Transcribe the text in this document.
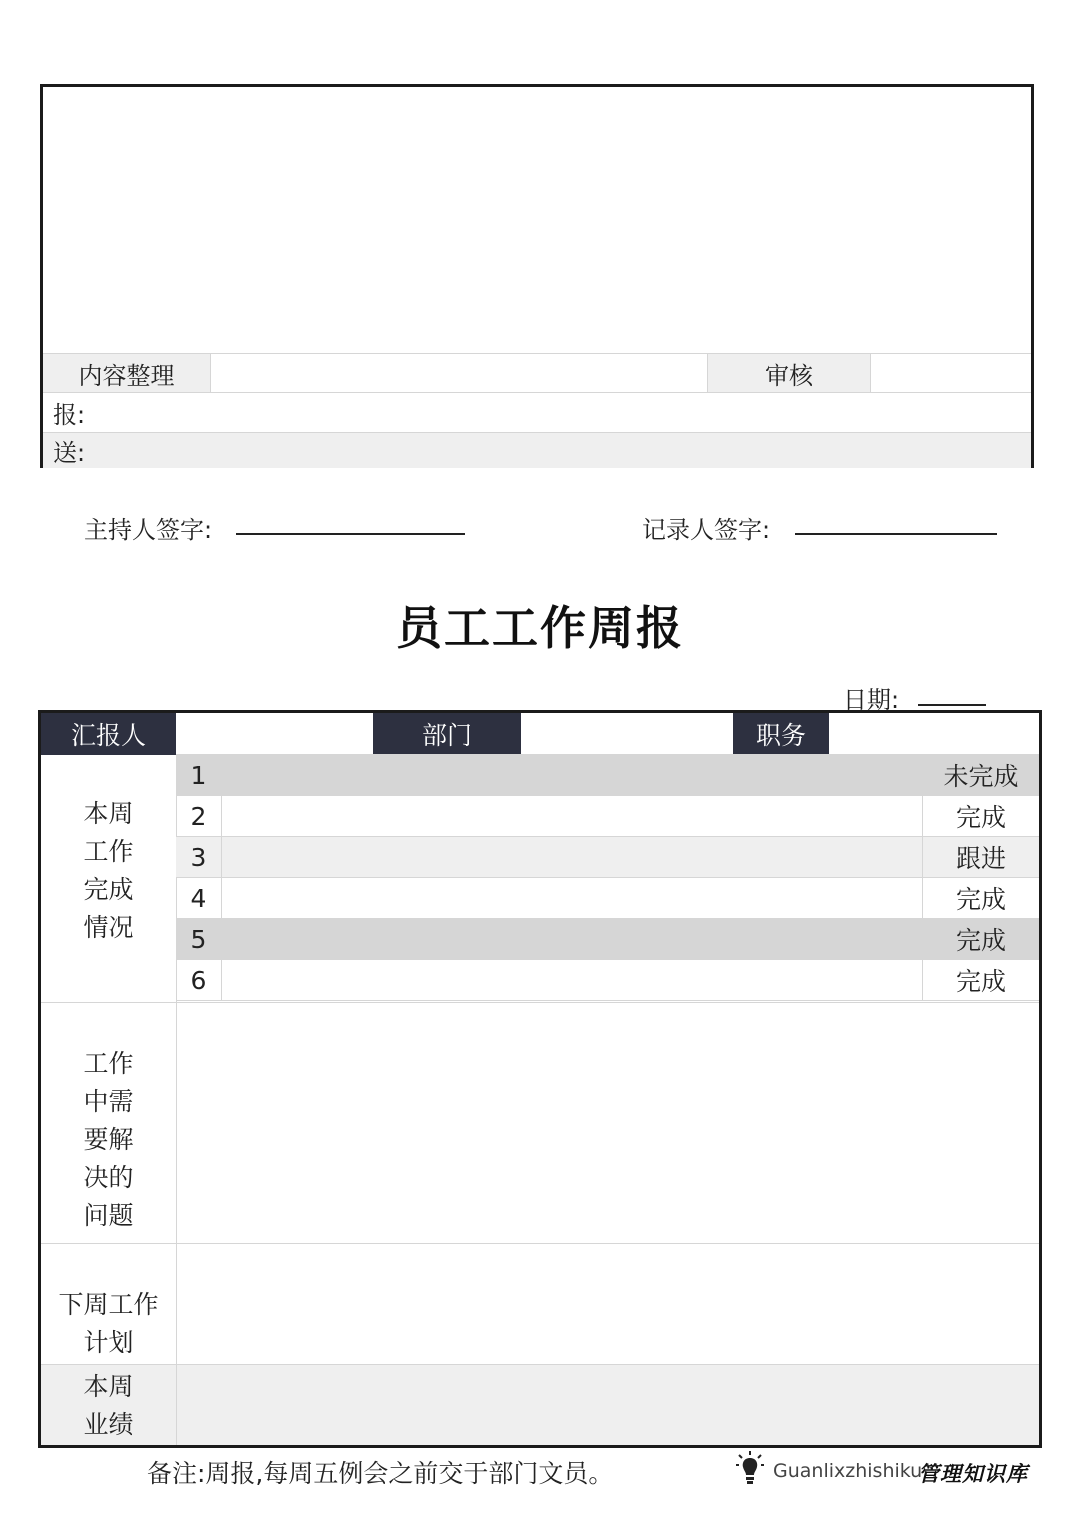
内容整理	审核
报:
送:
主持人签字:	记录人签字:
员工工作周报
日期:
汇报人	部门	职务
本周
工作
完成
情况
1	未完成
2	完成
3	跟进
4	完成
5	完成
6	完成
工作
中需
要解
决的
问题
下周工作
计划
本周
业绩
备注:周报,每周五例会之前交于部门文员。	Guanlixzhishiku
管理知识库
